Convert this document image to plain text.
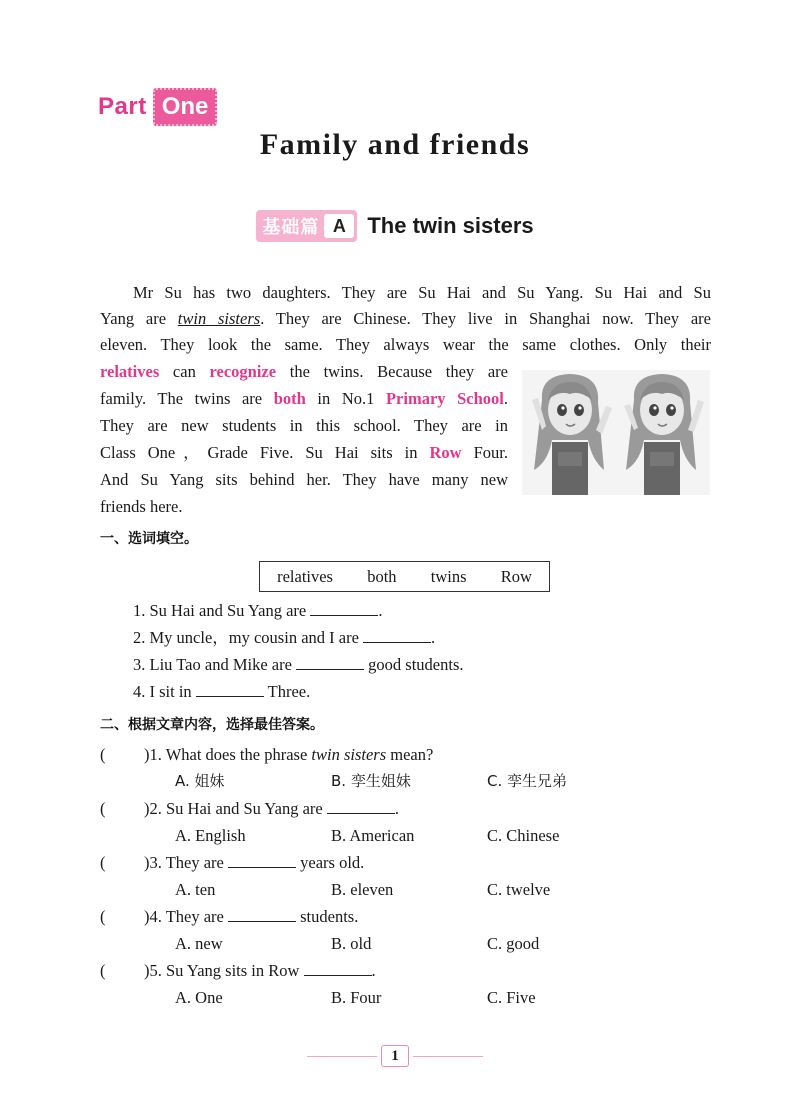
Part One
Family and friends
基础篇 A The twin sisters
Mr Su has two daughters. They are Su Hai and Su Yang. Su Hai and Su
Yang are twin sisters. They are Chinese. They live in Shanghai now. They are
eleven. They look the same. They always wear the same clothes. Only their
relatives can recognize the twins. Because they are
family. The twins are both in No.1 Primary School.
They are new students in this school. They are in
Class One，Grade Five. Su Hai sits in Row Four.
And Su Yang sits behind her. They have many new
friends here.
一、选词填空。
relatives both twins Row
1. Su Hai and Su Yang are	.
2. My uncle，my cousin and I are	.
3. Liu Tao and Mike are	good students.
4. I sit in	Three.
二、根据文章内容，选择最佳答案。
( )1. What does the phrase twin sisters mean?
A. 姐妹	B. 孪生姐妹	C. 孪生兄弟
( )2. Su Hai and Su Yang are	.
A. English	B. American	C. Chinese
( )3. They are	years old.
A. ten	B. eleven	C. twelve
( )4. They are	students.
A. new	B. old	C. good
( )5. Su Yang sits in Row	.
A. One	B. Four	C. Five
1
